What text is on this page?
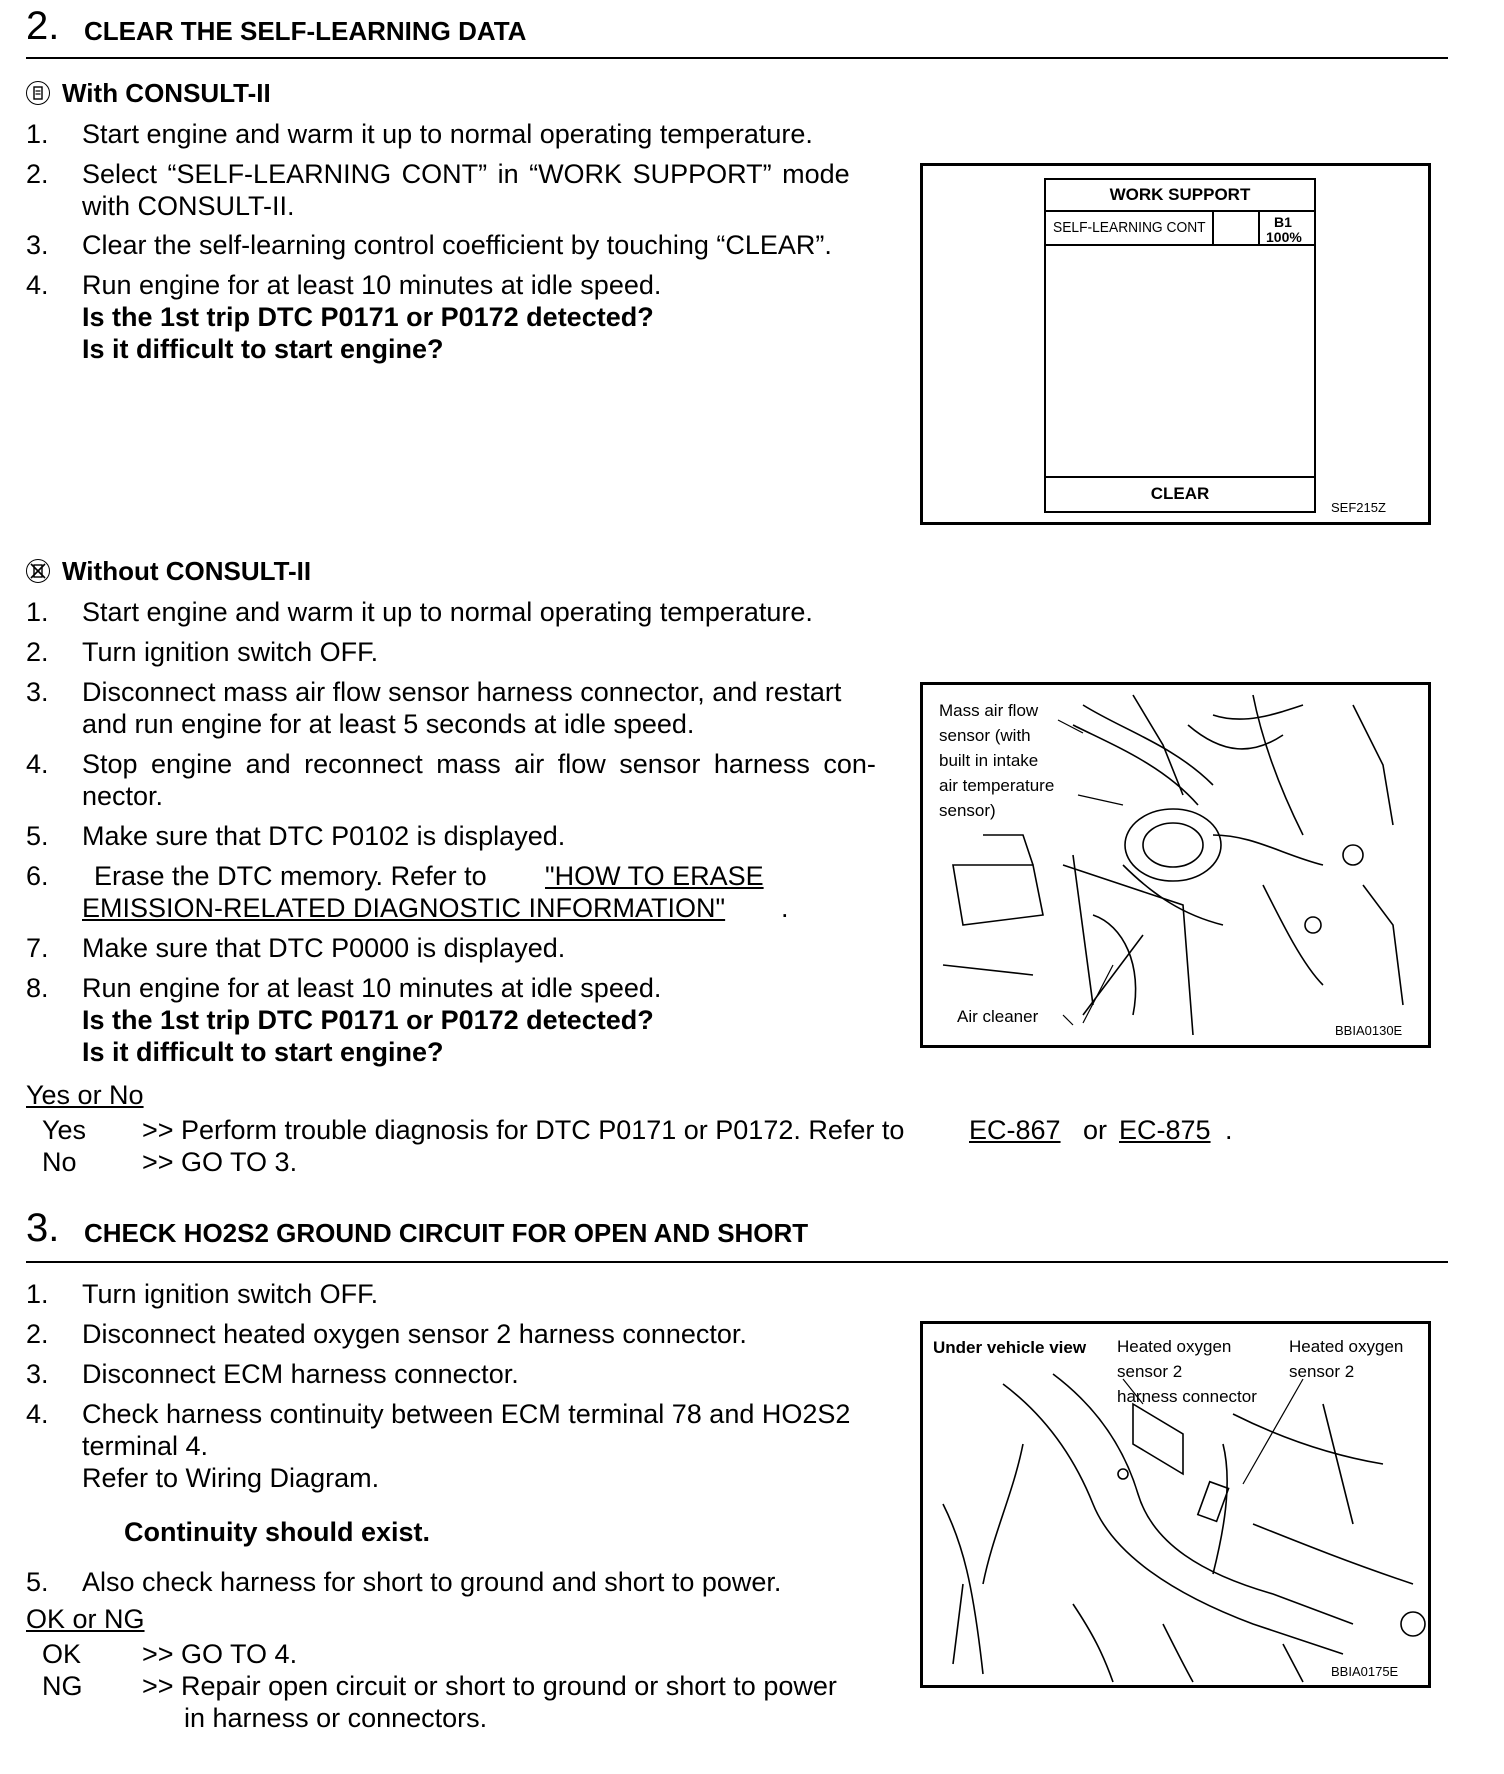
2. CLEAR THE SELF-LEARNING DATA
With CONSULT-II
1. Start engine and warm it up to normal operating temperature.
2. Select “SELF-LEARNING CONT” in “WORK SUPPORT” mode
with CONSULT-II.
3. Clear the self-learning control coefficient by touching “CLEAR”.
4. Run engine for at least 10 minutes at idle speed.
Is the 1st trip DTC P0171 or P0172 detected?
Is it difficult to start engine?
WORK SUPPORT
SELF-LEARNING CONT	B1
100%
CLEAR
SEF215Z
Without CONSULT-II
1. Start engine and warm it up to normal operating temperature.
2. Turn ignition switch OFF.
3. Disconnect mass air flow sensor harness connector, and restart
and run engine for at least 5 seconds at idle speed.
4. Stop engine and reconnect mass air flow sensor harness con-
nector.
5. Make sure that DTC P0102 is displayed.
6. Erase the DTC memory. Refer to "HOW TO ERASE
EMISSION-RELATED DIAGNOSTIC INFORMATION" .
7. Make sure that DTC P0000 is displayed.
8. Run engine for at least 10 minutes at idle speed.
Is the 1st trip DTC P0171 or P0172 detected?
Is it difficult to start engine?
Mass air flow
sensor (with
built in intake
air temperature
sensor)
Air cleaner
BBIA0130E
Yes or No
Yes >> Perform trouble diagnosis for DTC P0171 or P0172. Refer to EC-867 or EC-875 .
No >> GO TO 3.
3. CHECK HO2S2 GROUND CIRCUIT FOR OPEN AND SHORT
1. Turn ignition switch OFF.
2. Disconnect heated oxygen sensor 2 harness connector.
3. Disconnect ECM harness connector.
4. Check harness continuity between ECM terminal 78 and HO2S2
terminal 4.
Refer to Wiring Diagram.
Continuity should exist.
5. Also check harness for short to ground and short to power.
Under vehicle view Heated oxygen
sensor 2
harness connector
Heated oxygen
sensor 2
BBIA0175E
OK or NG
OK >> GO TO 4.
NG >> Repair open circuit or short to ground or short to power
in harness or connectors.
